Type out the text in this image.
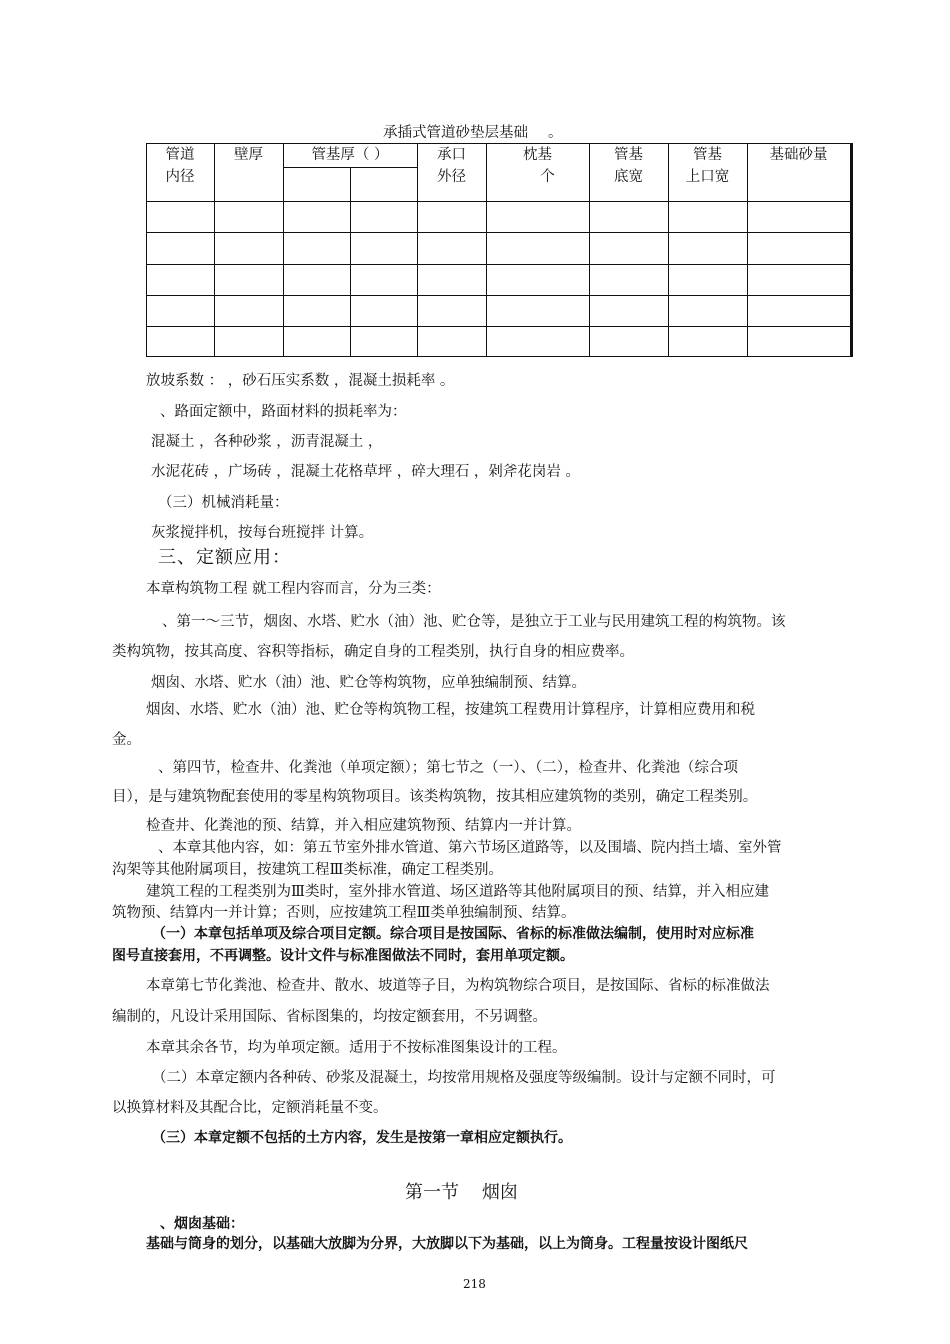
承插式管道砂垫层基础 。
管道
内径
壁厚	管基厚（ ）	承口
外径
枕基
个
管基
底宽
管基
上口宽
基础砂量
放坡系数 ： ，砂石压实系数 ，混凝土损耗率 。
、路面定额中，路面材料的损耗率为：
混凝土 ，各种砂浆 ，沥青混凝土 ，
水泥花砖 ，广场砖 ，混凝土花格草坪 ，碎大理石 ，剁斧花岗岩 。
（三）机械消耗量：
灰浆搅拌机，按每台班搅拌 计算。
三、定额应用：
本章构筑物工程 就工程内容而言，分为三类：
、第一～三节，烟囱、水塔、贮水（油）池、贮仓等，是独立于工业与民用建筑工程的构筑物。该
类构筑物，按其高度、容积等指标，确定自身的工程类别，执行自身的相应费率。
烟囱、水塔、贮水（油）池、贮仓等构筑物，应单独编制预、结算。
烟囱、水塔、贮水（油）池、贮仓等构筑物工程，按建筑工程费用计算程序，计算相应费用和税
金。
、第四节，检查井、化粪池（单项定额）；第七节之（一）、（二），检查井、化粪池（综合项
目），是与建筑物配套使用的零星构筑物项目。该类构筑物，按其相应建筑物的类别，确定工程类别。
检查井、化粪池的预、结算，并入相应建筑物预、结算内一并计算。
、本章其他内容，如：第五节室外排水管道、第六节场区道路等，以及围墙、院内挡土墙、室外管
沟架等其他附属项目，按建筑工程Ⅲ类标准，确定工程类别。
建筑工程的工程类别为Ⅲ类时，室外排水管道、场区道路等其他附属项目的预、结算，并入相应建
筑物预、结算内一并计算；否则，应按建筑工程Ⅲ类单独编制预、结算。
（一）本章包括单项及综合项目定额。综合项目是按国际、省标的标准做法编制，使用时对应标准
图号直接套用，不再调整。设计文件与标准图做法不同时，套用单项定额。
本章第七节化粪池、检查井、散水、坡道等子目，为构筑物综合项目，是按国际、省标的标准做法
编制的，凡设计采用国际、省标图集的，均按定额套用，不另调整。
本章其余各节，均为单项定额。适用于不按标准图集设计的工程。
（二）本章定额内各种砖、砂浆及混凝土，均按常用规格及强度等级编制。设计与定额不同时，可
以换算材料及其配合比，定额消耗量不变。
（三）本章定额不包括的土方内容，发生是按第一章相应定额执行。
第一节    烟囱
、烟囱基础：
基础与筒身的划分，以基础大放脚为分界，大放脚以下为基础，以上为筒身。工程量按设计图纸尺
218
